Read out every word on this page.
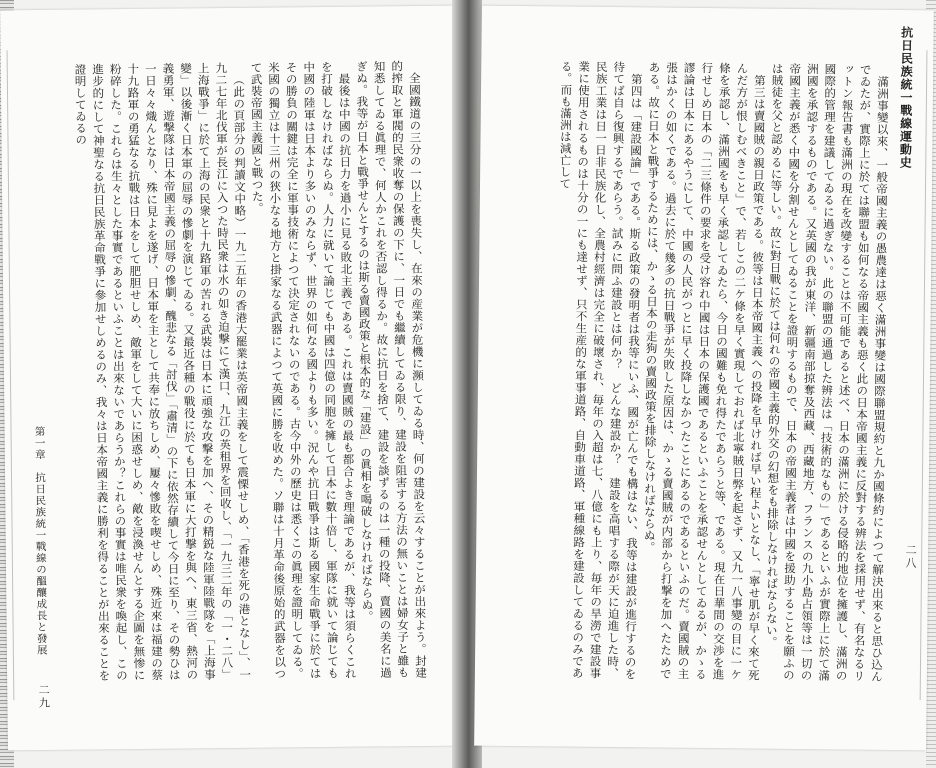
全國鐵道の三分の一以上を喪失し、在來の産業が危機に瀕してゐる時、何の建設を云々することが出來よう。封建的搾取と軍閥的民衆收奪の保護の下に、一日でも繼續してゐる限り、建設を阻害する方法の無いことは婦女子と雖も知悉してゐる眞理で、何人かこれを否認し得るか。故に抗日を捨て、建設を談ずるのは一種の投降、賣國の美名に過ぎぬ。我等が日本と戰爭せんとするのは斯る賣國政策と根本的な「建設」の眞相を喝破しなければならぬ。

最後は中國の抗日力を過小に見る敗北主義である。これは賣國賊の最も都合よき理論であるが、我等は須らくこれを打破しなければならぬ。人力に就いて論じても中國は四億の同胞を擁して日本に數十倍し、軍隊に就いて論じても中國の陸軍は日本より多いのみならず、世界の如何なる國よりも多い。況んや抗日戰爭は斯る國家生命戰爭に於てはその勝負の關鍵は完全に軍事技術によつて決定されないのである。古今中外の歷史は悉くこの眞理を證明してゐる。米國の獨立は十三州の狹小なる地方と掛家なる武器によつて英國に勝を收めた。ソ聯は十月革命後原始的武器を以つて武裝帝國主義國と戰つた。

（此の頁部分の判讀文中略）一九二五年の香港大罷業は英帝國主義をして震慄せしめ、「香港を死の港となし」、一九二七年北伐軍が長江に入つた時民衆は水の如き迫撃にて漢口、九江の英租界を回收し、「一九三二年の「一・二八」上海戰爭」に於て上海の民衆と十九路軍の苦れる武裝は日本に頑強な攻撃を加へ、その精鋭な陸軍陸戰隊を「上海事變」以後漸く日本軍の屈辱の慘劇を演じてゐる。又最近各種の戰役に於ても日本軍に大打撃を與へ、東三省、熱河の義勇軍、遊撃隊は日本帝國主義の屈辱の慘劇、醜悲なる「討伐」「肅清」の下に依然存續して今日に至り、その勢ひは一日々々熾んとなり、殊に見よを遂げ、日本軍を主として共奉に放ちしめ、屢々慘敗を喫せしめ、殊近來は福建の蔡十九路軍の勇猛なる抗戰は日本をして肥胆せしめ、敵軍をして大いに困惑せしめ、敵を浸渙せんとする企圖を無惨に粉碎した。これらは生々とした事實であるといふことは出來ないであらうか？これらの事實は唯民衆を喚起し、この進步的にして神聖なる抗日民族革命戰爭に參加せしめるのみ、我々は日本帝國主義に勝利を得ることが出來ることを證明してゐるの

第一章　抗日民族統一戰線の醞釀成長と發展
二九
抗日民族統一戰線運動史
二八

滿洲事變以來、一般帝國主義の愚農達は惡く滿洲事變は國際聯盟規約と九か國條約によつて解決出來ると思ひ込んでゐたが、實際上に於ては聯盟も如何なる帝國主義も惡く此の日本帝國主義に反對する辨法を採用せず、有名なるリットン報告書も滿洲の現在を改變することは不可能であると述べ、日本の滿洲に於ける侵略的地位を擁護し、滿洲の國際的管理を建議してゐるに過ぎない。此の聯盟の通過した辨法は「技術的なもの」であるといふが實際上に於て滿洲國を承認するものである。又英國の我が東洋、新疆南部掠奪及西藏、西藏地方、フランスの九小島占領等は一切の帝國主義が悉く中國を分割せんとしてゐることを證明するもので、日本の帝國主義者は中國を援助することを願ふのは賊徒を父と認めるに等しい。故に對日戰に於ては何れの帝國主義的外交の幻想をも排除しなければならない。

第三は賣國賊の親日政策である。彼等は日本帝國主義への投降を早ければ早い程よいとなし、「寧せ肌が早く來て死んだ方が恨しむべきこと」で、若しこの二ケ條を早く實現しておれば北寧賊日弊を起さず、又九一八事變の目に一ケ條を承認し、滿洲國をも早く承認してゐたら、今日の國難も免れ得たであらうと等、である。現在日華間の交渉を進行せしめ日本の「二三條件の要求を受け容れ中國は日本の保護國であるといふことを承認せんとしてゐるが、かゝる謬論は日本にあるやうにして、中國の人民がつとに早く投降しなかつたことにあるのであるといふのだ。賣國賊の主張はかくの如くである。過去に於て幾多の抗日戰爭が失敗した原因は、かゝる賣國賊が内部から打撃を加へたためである。故に日本と戰爭するためには、かゝる日本の走狗の賣國政策を排除しなければならぬ。

第四は「建設國論」である。斯る政策の發明者は我等にいふ、國が亡んでも構はない、我等は建設が進行するのを待てば自ら復興するであらう。試みに問ふ建設とは何か？　どんな建設か？　建設を高唱する際が天に迫進した時、民族工業は日一日非民族化し、全農村經濟は完全に破壞され、毎年の入超は七、八億にも上り、毎年の旱澇で建設事業に使用されるものは十分の一にも達せず、只不生産的な軍事道路、自動車道路、軍種線路を建設してゐるのみである。而も滿洲は減亡して
